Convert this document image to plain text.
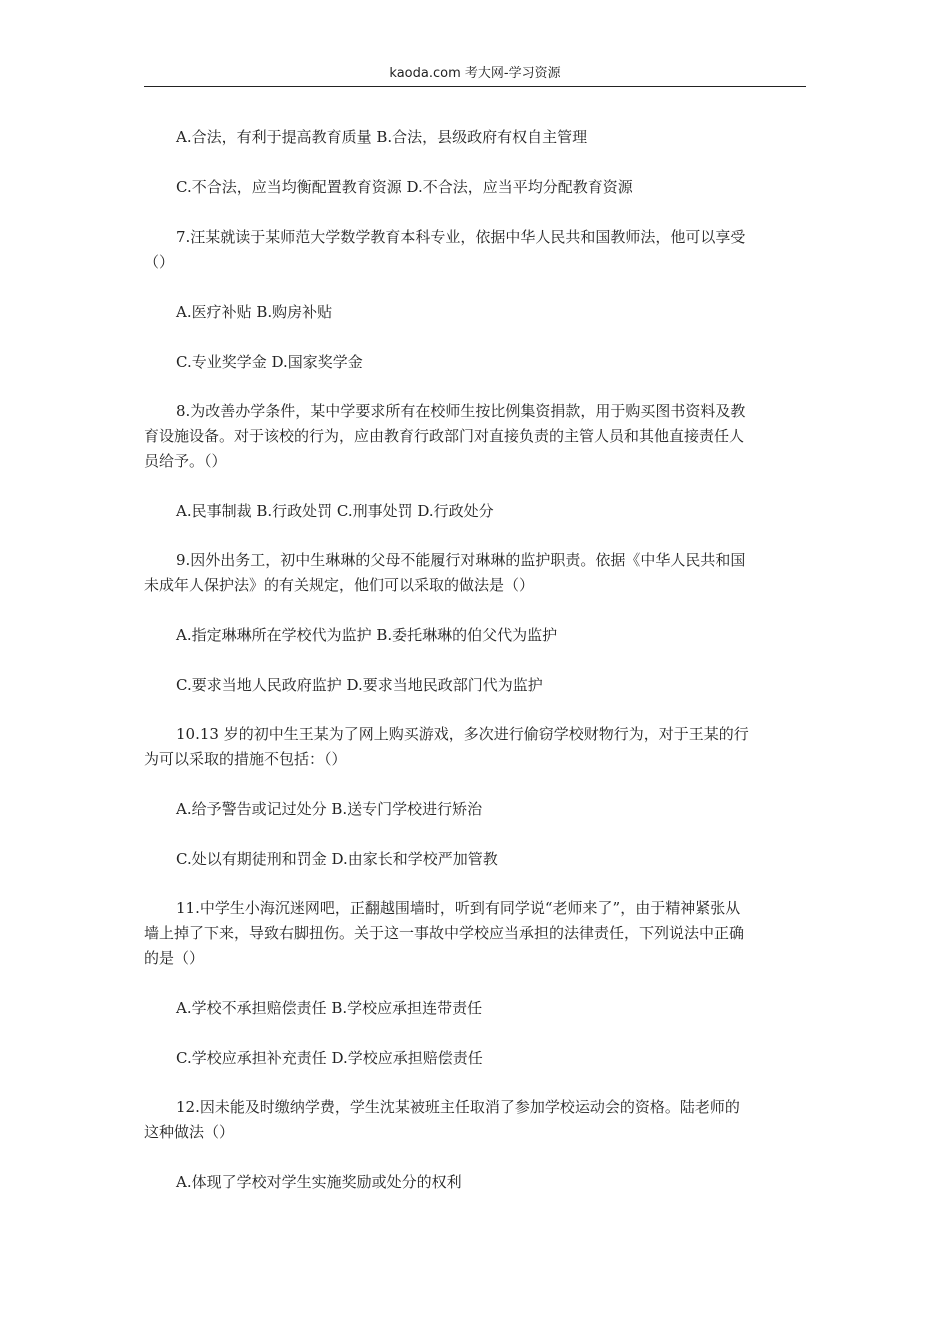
kaoda.com 考大网-学习资源
A.合法，有利于提高教育质量 B.合法，县级政府有权自主管理
C.不合法，应当均衡配置教育资源 D.不合法，应当平均分配教育资源
7.汪某就读于某师范大学数学教育本科专业，依据中华人民共和国教师法，他可以享受
（）
A.医疗补贴 B.购房补贴
C.专业奖学金 D.国家奖学金
8.为改善办学条件，某中学要求所有在校师生按比例集资捐款，用于购买图书资料及教
育设施设备。对于该校的行为，应由教育行政部门对直接负责的主管人员和其他直接责任人
员给予。（）
A.民事制裁 B.行政处罚 C.刑事处罚 D.行政处分
9.因外出务工，初中生琳琳的父母不能履行对琳琳的监护职责。依据《中华人民共和国
未成年人保护法》的有关规定，他们可以采取的做法是（）
A.指定琳琳所在学校代为监护 B.委托琳琳的伯父代为监护
C.要求当地人民政府监护 D.要求当地民政部门代为监护
10.13 岁的初中生王某为了网上购买游戏，多次进行偷窃学校财物行为，对于王某的行
为可以采取的措施不包括：（）
A.给予警告或记过处分 B.送专门学校进行矫治
C.处以有期徒刑和罚金 D.由家长和学校严加管教
11.中学生小海沉迷网吧，正翻越围墙时，听到有同学说“老师来了”，由于精神紧张从
墙上掉了下来，导致右脚扭伤。关于这一事故中学校应当承担的法律责任，下列说法中正确
的是（）
A.学校不承担赔偿责任 B.学校应承担连带责任
C.学校应承担补充责任 D.学校应承担赔偿责任
12.因未能及时缴纳学费，学生沈某被班主任取消了参加学校运动会的资格。陆老师的
这种做法（）
A.体现了学校对学生实施奖励或处分的权利
